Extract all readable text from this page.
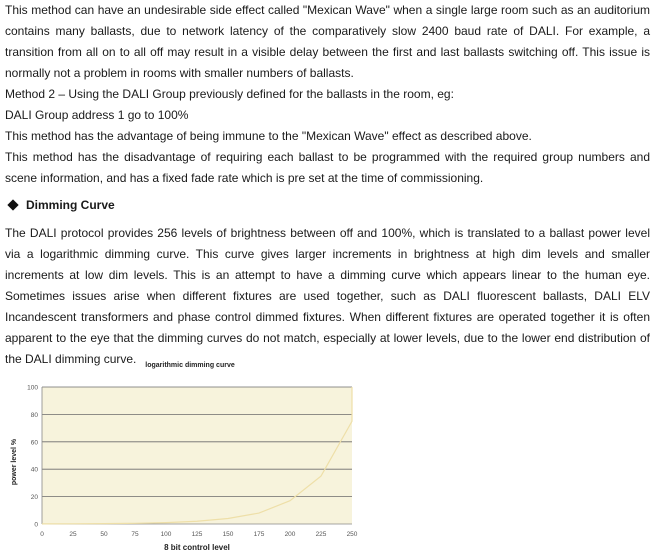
This method can have an undesirable side effect called "Mexican Wave" when a single large room such as an auditorium contains many ballasts, due to network latency of the comparatively slow 2400 baud rate of DALI. For example, a transition from all on to all off may result in a visible delay between the first and last ballasts switching off. This issue is normally not a problem in rooms with smaller numbers of ballasts.

Method 2 – Using the DALI Group previously defined for the ballasts in the room, eg:

DALI Group address 1 go to 100%

This method has the advantage of being immune to the "Mexican Wave" effect as described above.

This method has the disadvantage of requiring each ballast to be programmed with the required group numbers and scene information, and has a fixed fade rate which is pre set at the time of commissioning.

Dimming Curve

The DALI protocol provides 256 levels of brightness between off and 100%, which is translated to a ballast power level via a logarithmic dimming curve. This curve gives larger increments in brightness at high dim levels and smaller increments at low dim levels. This is an attempt to have a dimming curve which appears linear to the human eye. Sometimes issues arise when different fixtures are used together, such as DALI fluorescent ballasts, DALI ELV Incandescent transformers and phase control dimmed fixtures. When different fixtures are operated together it is often apparent to the eye that the dimming curves do not match, especially at lower levels, due to the lower end distribution of the DALI dimming curve.	logarithmic dimming curve
0
20
40
60
80
100
0	25	50	75	100	125	150	175	200	225	250
8 bit control level
power level %
